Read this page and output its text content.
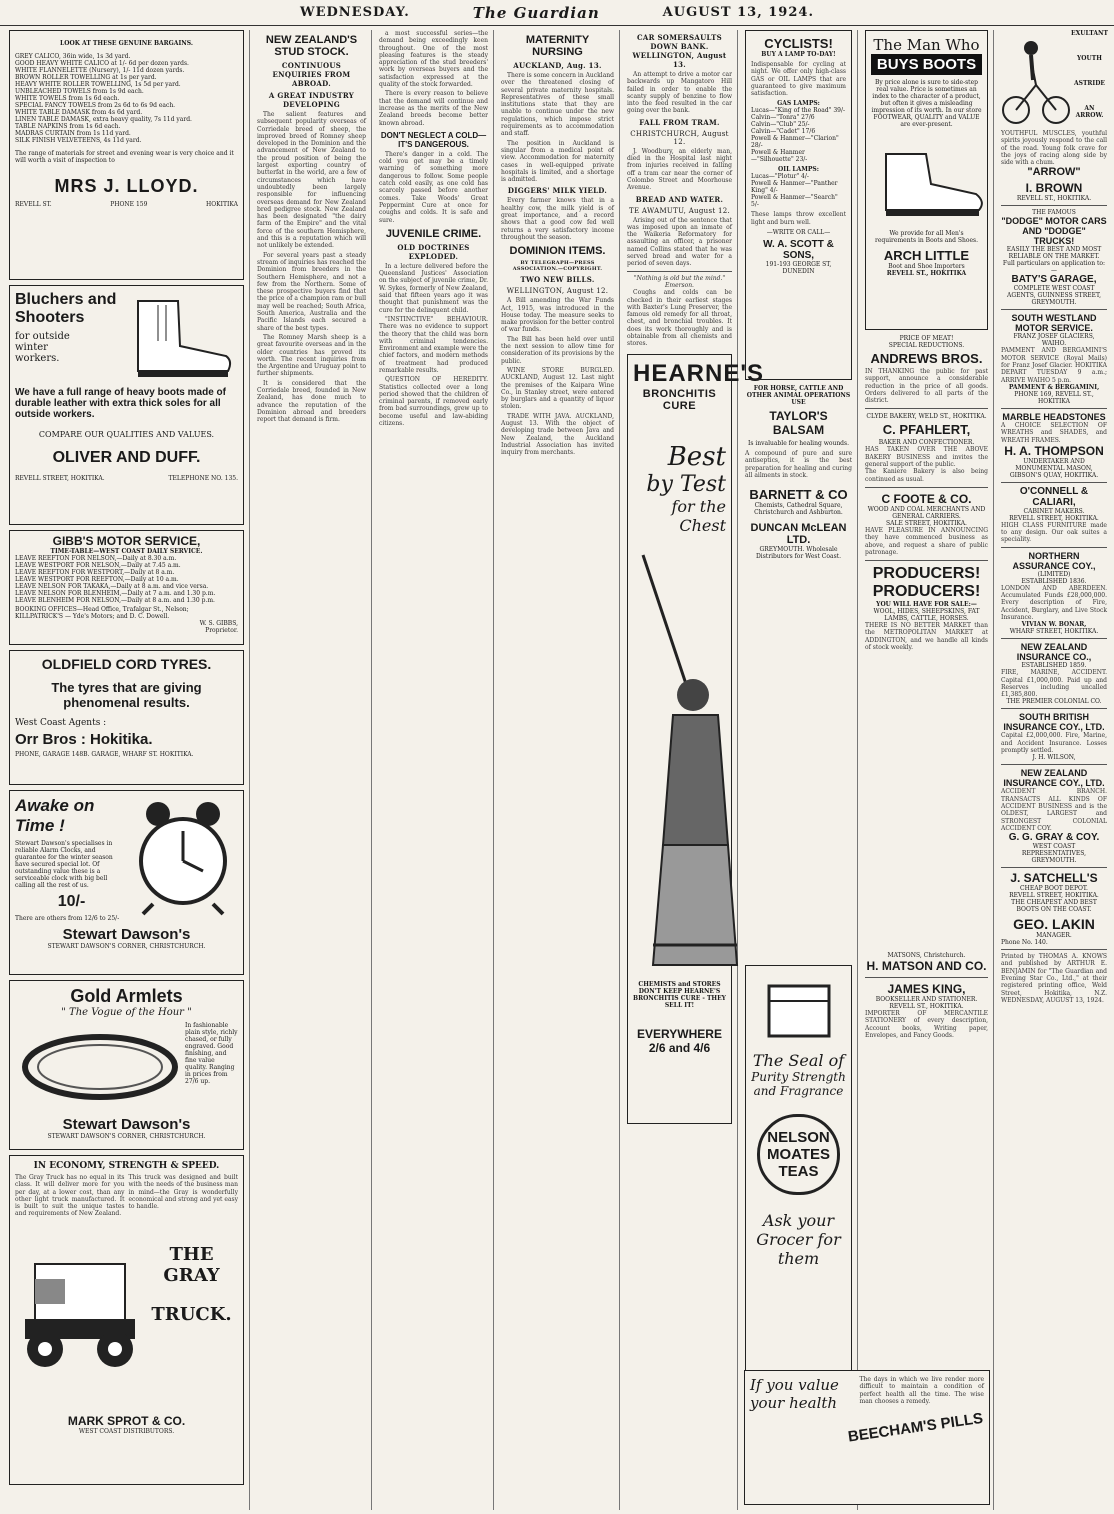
WEDNESDAY.	The Guardian	AUGUST 13, 1924.
LOOK AT THESE GENUINE BARGAINS.
GREY CALICO, 36in wide, 1s 3d yard.
GOOD HEAVY WHITE CALICO at 1/- 6d per dozen yards.
WHITE FLANNELETTE (Nursery), 1/- 11d dozen yards.
BROWN ROLLER TOWELLING at 1s per yard.
HEAVY WHITE ROLLER TOWELLING, 1s 5d per yard.
UNBLEACHED TOWELS from 1s 9d each.
WHITE TOWELS from 1s 6d each.
SPECIAL FANCY TOWELS from 2s 6d to 6s 9d each.
WHITE TABLE DAMASK from 4s 6d yard.
LINEN TABLE DAMASK, extra heavy quality, 7s 11d yard.
TABLE NAPKINS from 1s 6d each.
MADRAS CURTAIN from 1s 11d yard.
SILK FINISH VELVETEENS, 4s 11d yard.
The range of materials for street and evening wear is very choice and it will worth a visit of inspection to
MRS J. LLOYD.
REVELL ST.	PHONE 159	HOKITIKA
Bluchers and
Shooters
for outside winter workers.
We have a full range of heavy boots made of durable leather with extra thick soles for all outside workers.
COMPARE OUR QUALITIES AND VALUES.
OLIVER AND DUFF.
REVELL STREET, HOKITIKA.	TELEPHONE NO. 135.
GIBB'S MOTOR SERVICE,
TIME-TABLE—WEST COAST DAILY SERVICE.
LEAVE REEFTON FOR NELSON,—Daily at 8.30 a.m.
LEAVE WESTPORT FOR NELSON,—Daily at 7.45 a.m.
LEAVE REEFTON FOR WESTPORT,—Daily at 8 a.m.
LEAVE WESTPORT FOR REEFTON,—Daily at 10 a.m.
LEAVE NELSON FOR TAKAKA,—Daily at 8 a.m. and vice versa.
LEAVE NELSON FOR BLENHEIM,—Daily at 7 a.m. and 1.30 p.m.
LEAVE BLENHEIM FOR NELSON,—Daily at 8 a.m. and 1.30 p.m.
BOOKING OFFICES—Head Office, Trafalgar St., Nelson; KILLPATRICK'S — Yde's Motors; and D. C. Dowell.
W. S. GIBBS,
Proprietor.
OLDFIELD CORD TYRES.
The tyres that are giving phenomenal results.
West Coast Agents :
Orr Bros : Hokitika.
PHONE, GARAGE 148B. GARAGE, WHARF ST. HOKITIKA.
Awake on
Time !
Stewart Dawson's specialises in reliable Alarm Clocks, and guarantee for the winter season have secured special lot. Of outstanding value these is a serviceable clock with big bell calling all the rest of us.
10/-
There are others from 12/6 to 25/-
Stewart Dawson's
STEWART DAWSON'S CORNER, CHRISTCHURCH.
Gold Armlets
" The Vogue of the Hour "
In fashionable plain style, richly chased, or fully engraved. Good finishing, and fine value quality. Ranging in prices from 27/6 up.
Stewart Dawson's
STEWART DAWSON'S CORNER, CHRISTCHURCH.
IN ECONOMY, STRENGTH & SPEED.
The Gray Truck has no equal in its class. It will deliver more for you per day, at a lower cost, than any other light truck manufactured. It is built to suit the unique tastes and requirements of New Zealand.
This truck was designed and built with the needs of the business man in mind—the Gray is wonderfully economical and strong and yet easy to handle.
THE GRAY
TRUCK.
MARK SPROT & CO.
WEST COAST DISTRIBUTORS.
NEW ZEALAND'S STUD STOCK.
CONTINUOUS ENQUIRIES FROM ABROAD.
A GREAT INDUSTRY DEVELOPING

The salient features and subsequent popularity overseas of Corriedale breed of sheep, the improved breed of Romney sheep developed in the Dominion and the advancement of New Zealand to the proud position of being the largest exporting country of butterfat in the world, are a few of circumstances which have undoubtedly been largely responsible for influencing overseas demand for New Zealand bred pedigree stock. New Zealand has been designated "the dairy farm of the Empire" and the vital force of the southern Hemisphere, and this is a reputation which will not unlikely be extended.

For several years past a steady stream of inquiries has reached the Dominion from breeders in the Southern Hemisphere, and not a few from the Northern. Some of these prospective buyers find that the price of a champion ram or bull may well be reached; South Africa, South America, Australia and the Pacific Islands each secured a share of the best types.

The Romney Marsh sheep is a great favourite overseas and in the older countries has proved its worth. The recent inquiries from the Argentine and Uruguay point to further shipments.

It is considered that the Corriedale breed, founded in New Zealand, has done much to advance the reputation of the Dominion abroad and breeders report that demand is firm.

a most successful series—the demand being exceedingly keen throughout. One of the most pleasing features is the steady appreciation of the stud breeders' work by overseas buyers and the satisfaction expressed at the quality of the stock forwarded.

There is every reason to believe that the demand will continue and increase as the merits of the New Zealand breeds become better known abroad.

DON'T NEGLECT A COLD—IT'S DANGEROUS.

There's danger in a cold. The cold you get may be a timely warning of something more dangerous to follow. Some people catch cold easily, as one cold has scarcely passed before another comes. Take Woods' Great Peppermint Cure at once for coughs and colds. It is safe and sure.

JUVENILE CRIME.
OLD DOCTRINES EXPLODED.

In a lecture delivered before the Queensland Justices' Association on the subject of juvenile crime, Dr. W. Sykes, formerly of New Zealand, said that fifteen years ago it was thought that punishment was the cure for the delinquent child.

"INSTINCTIVE" BEHAVIOUR. There was no evidence to support the theory that the child was born with criminal tendencies. Environment and example were the chief factors, and modern methods of treatment had produced remarkable results.

QUESTION OF HEREDITY. Statistics collected over a long period showed that the children of criminal parents, if removed early from bad surroundings, grew up to become useful and law-abiding citizens.

MATERNITY NURSING
AUCKLAND, Aug. 13.

There is some concern in Auckland over the threatened closing of several private maternity hospitals. Representatives of these small institutions state that they are unable to continue under the new regulations, which impose strict requirements as to accommodation and staff.

The position in Auckland is singular from a medical point of view. Accommodation for maternity cases in well-equipped private hospitals is limited, and a shortage is admitted.

DIGGERS' MILK YIELD.

Every farmer knows that in a healthy cow, the milk yield is of great importance, and a record shows that a good cow fed well returns a very satisfactory income throughout the season.

DOMINION ITEMS.
BY TELEGRAPH—PRESS ASSOCIATION.—COPYRIGHT.
TWO NEW BILLS.
WELLINGTON, August 12.

A Bill amending the War Funds Act, 1915, was introduced in the House today. The measure seeks to make provision for the better control of war funds.

The Bill has been held over until the next session to allow time for consideration of its provisions by the public.

WINE STORE BURGLED. AUCKLAND, August 12. Last night the premises of the Kaipara Wine Co., in Stanley street, were entered by burglars and a quantity of liquor stolen.

TRADE WITH JAVA. AUCKLAND, August 13. With the object of developing trade between Java and New Zealand, the Auckland Industrial Association has invited inquiry from merchants.

CAR SOMERSAULTS DOWN BANK. WELLINGTON, August 13.

An attempt to drive a motor car backwards up Mangatoro Hill failed in order to enable the scanty supply of benzine to flow into the feed resulted in the car going over the bank.

FALL FROM TRAM.
CHRISTCHURCH, August 12.

J. Woodbury, an elderly man, died in the Hospital last night from injuries received in falling off a tram car near the corner of Colombo Street and Moorhouse Avenue.

BREAD AND WATER.
TE AWAMUTU, August 12.

Arising out of the sentence that was imposed upon an inmate of the Waikeria Reformatory for assaulting an officer, a prisoner named Collins stated that he was served bread and water for a period of seven days.

"Nothing is old but the mind." Emerson.

Coughs and colds can be checked in their earliest stages with Baxter's Lung Preserver, the famous old remedy for all throat, chest, and bronchial troubles. It does its work thoroughly and is obtainable from all chemists and stores.

HEARNE'S
BRONCHITIS CURE
Best
by Test
for the Chest
CHEMISTS and STORES DON'T KEEP HEARNE'S BRONCHITIS CURE - THEY SELL IT!
EVERYWHERE 2/6 and 4/6
CYCLISTS!
BUY A LAMP TO-DAY!
Indispensable for cycling at night. We offer only high-class GAS or OIL LAMPS that are guaranteed to give maximum satisfaction.
GAS LAMPS:
Lucas—"King of the Road" 39/-
Calvin—"Tonra" 27/6
Calvin—"Club" 25/-
Calvin—"Cadet" 17/6
Powell & Hanmer—"Clarion" 28/-
Powell & Hanmer—"Silhouette" 23/-
OIL LAMPS:
Lucas—"Plotur" 4/-
Powell & Hanmer—"Panther King" 4/-
Powell & Hanmer—"Search" 5/-
These lamps throw excellent light and burn well.
—WRITE OR CALL—
W. A. SCOTT & SONS,
191-193 GEORGE ST, DUNEDIN
FOR HORSE, CATTLE AND OTHER ANIMAL OPERATIONS USE
TAYLOR'S BALSAM
Is invaluable for healing wounds.
A compound of pure and sure antiseptics, it is the best preparation for healing and curing all ailments in stock.
BARNETT & CO
Chemists, Cathedral Square, Christchurch and Ashburton.
DUNCAN McLEAN LTD.
GREYMOUTH. Wholesale Distributors for West Coast.
The Seal of
Purity Strength
and Fragrance
NELSON
MOATES
TEAS
Ask your
Grocer for
them
The Man Who
BUYS BOOTS
By price alone is sure to side-step real value. Price is sometimes an index to the character of a product, but often it gives a misleading impression of its worth. In our store FOOTWEAR, QUALITY and VALUE are ever-present.
We provide for all Men's requirements in Boots and Shoes.
ARCH LITTLE
Boot and Shoe Importers
REVELL ST., HOKITIKA
PRICE OF MEAT!
SPECIAL REDUCTIONS.
ANDREWS BROS.
IN THANKING the public for past support, announce a considerable reduction in the price of all goods. Orders delivered to all parts of the district.
CLYDE BAKERY, WELD ST., HOKITIKA.
C. PFAHLERT,
BAKER AND CONFECTIONER.
HAS TAKEN OVER THE ABOVE BAKERY BUSINESS and invites the general support of the public.
The Kaniere Bakery is also being continued as usual.
C FOOTE & CO.
WOOD AND COAL MERCHANTS AND GENERAL CARRIERS.
SALE STREET, HOKITIKA.
HAVE PLEASURE IN ANNOUNCING they have commenced business as above, and request a share of public patronage.
PRODUCERS!
PRODUCERS!
YOU WILL HAVE FOR SALE:—
WOOL, HIDES, SHEEPSKINS, FAT LAMBS, CATTLE, HORSES.
THERE IS NO BETTER MARKET than the METROPOLITAN MARKET at ADDINGTON, and we handle all kinds of stock weekly.
MATSONS, Christchurch.
H. MATSON AND CO.
JAMES KING,
BOOKSELLER AND STATIONER.
REVELL ST., HOKITIKA.
IMPORTER OF MERCANTILE STATIONERY of every description, Account books, Writing paper, Envelopes, and Fancy Goods.
If you value
your health
The days in which we live render more difficult to maintain a condition of perfect health all the time. The wise man chooses a remedy.
BEECHAM'S PILLS
EXULTANT
YOUTH
ASTRIDE
AN ARROW.
YOUTHFUL MUSCLES, youthful spirits joyously respond to the call of the road. Young folk crave for the joys of racing along side by side with a chum.
"ARROW"
I. BROWN
REVELL ST., HOKITIKA.
THE FAMOUS
"DODGE" MOTOR CARS
AND "DODGE" TRUCKS!
EASILY THE BEST AND MOST RELIABLE ON THE MARKET.
Full particulars on application to:—
BATY'S GARAGE,
COMPLETE WEST COAST AGENTS, GUINNESS STREET, GREYMOUTH.
SOUTH WESTLAND MOTOR SERVICE.
FRANZ JOSEF GLACIERS, WAIHO.
PAMMENT AND BERGAMINI'S MOTOR SERVICE (Royal Mails) for Franz Josef Glacier. HOKITIKA DEPART TUESDAY 9 a.m.; ARRIVE WAIHO 5 p.m.
PAMMENT & BERGAMINI,
PHONE 169, REVELL ST., HOKITIKA
MARBLE HEADSTONES
A CHOICE SELECTION OF WREATHS and SHADES, and WREATH FRAMES.
H. A. THOMPSON
UNDERTAKER AND MONUMENTAL MASON,
GIBSON'S QUAY, HOKITIKA.
O'CONNELL & CALIARI,
CABINET MAKERS.
REVELL STREET, HOKITIKA.
HIGH CLASS FURNITURE made to any design. Our oak suites a speciality.
NORTHERN ASSURANCE COY.,
(LIMITED)
ESTABLISHED 1836.
LONDON AND ABERDEEN. Accumulated Funds £28,000,000. Every description of Fire, Accident, Burglary, and Live Stock Insurance.
VIVIAN W. BONAR,
WHARF STREET, HOKITIKA.
NEW ZEALAND INSURANCE CO.,
ESTABLISHED 1859.
FIRE, MARINE, ACCIDENT. Capital £1,000,000. Paid up and Reserves including uncalled £1,385,800.
THE PREMIER COLONIAL CO.
SOUTH BRITISH INSURANCE COY., LTD.
Capital £2,000,000. Fire, Marine, and Accident Insurance. Losses promptly settled.
J. H. WILSON,
NEW ZEALAND INSURANCE COY., LTD.
ACCIDENT BRANCH. TRANSACTS ALL KINDS OF ACCIDENT BUSINESS and is the OLDEST, LARGEST and STRONGEST COLONIAL ACCIDENT COY.
G. G. GRAY & COY.
WEST COAST REPRESENTATIVES, GREYMOUTH.
J. SATCHELL'S
CHEAP BOOT DEPOT.
REVELL STREET, HOKITIKA.
THE CHEAPEST AND BEST BOOTS ON THE COAST.
GEO. LAKIN
MANAGER.
Phone No. 140.
Printed by THOMAS A. KNOWS and published by ARTHUR E. BENJAMIN for "The Guardian and Evening Star Co., Ltd.," at their registered printing office, Weld Street, Hokitika, N.Z. WEDNESDAY, AUGUST 13, 1924.
